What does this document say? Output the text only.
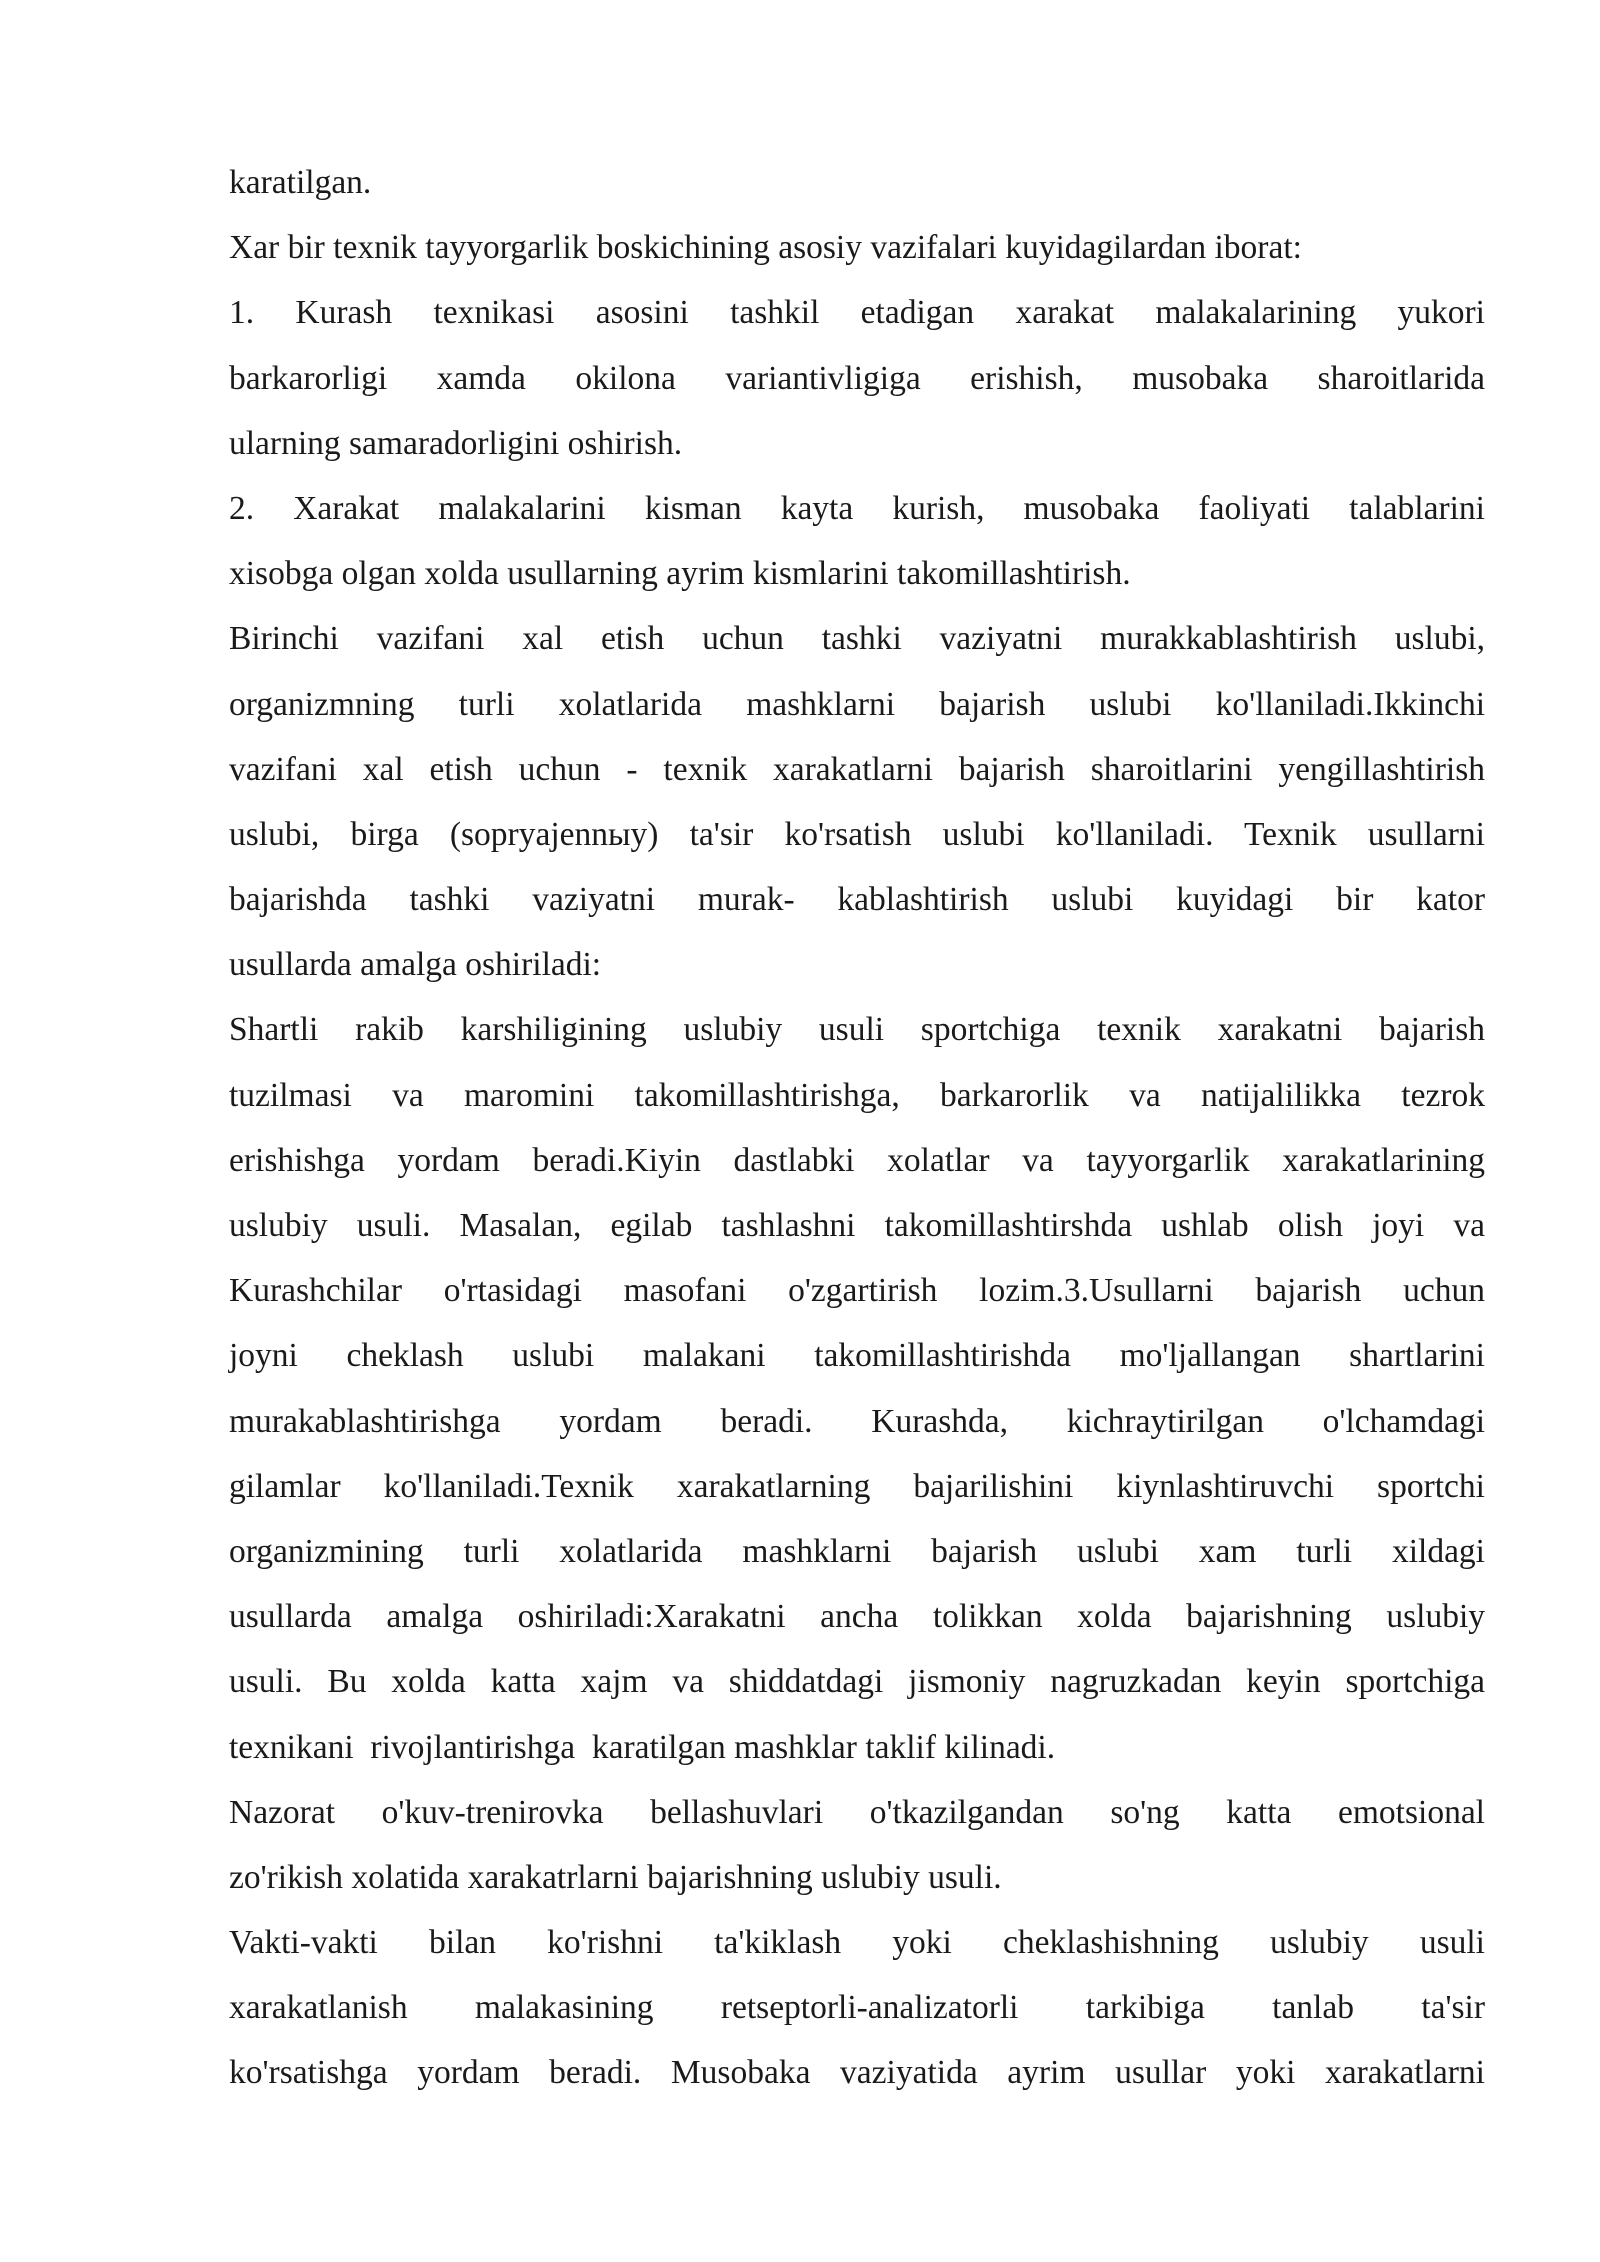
karatilgan.
Xar bir texnik tayyorgarlik boskichining asosiy vazifalari kuyidagilardan iborat:
1. Kurash texnikasi asosini tashkil etadigan xarakat malakalarining yukori
barkarorligi xamda okilona variantivligiga erishish, musobaka sharoitlarida
ularning samaradorligini oshirish.
2. Xarakat malakalarini kisman kayta kurish, musobaka faoliyati talablarini
xisobga olgan xolda usullarning ayrim kismlarini takomillashtirish.
Birinchi vazifani xal etish uchun tashki vaziyatni murakkablashtirish uslubi,
organizmning turli xolatlarida mashklarni bajarish uslubi ko'llaniladi.Ikkinchi
vazifani xal etish uchun - texnik xarakatlarni bajarish sharoitlarini yengillashtirish
uslubi, birga (sopryajennыy) ta'sir ko'rsatish uslubi ko'llaniladi. Texnik usullarni
bajarishda tashki vaziyatni murak- kablashtirish uslubi kuyidagi bir kator
usullarda amalga oshiriladi:
Shartli rakib karshiligining uslubiy usuli sportchiga texnik xarakatni bajarish
tuzilmasi va maromini takomillashtirishga, barkarorlik va natijalilikka tezrok
erishishga yordam beradi.Kiyin dastlabki xolatlar va tayyorgarlik xarakatlarining
uslubiy usuli. Masalan, egilab tashlashni takomillashtirshda ushlab olish joyi va
Kurashchilar o'rtasidagi masofani o'zgartirish lozim.3.Usullarni bajarish uchun
joyni cheklash uslubi malakani takomillashtirishda mo'ljallangan shartlarini
murakablashtirishga yordam beradi. Kurashda, kichraytirilgan o'lchamdagi
gilamlar ko'llaniladi.Texnik xarakatlarning bajarilishini kiynlashtiruvchi sportchi
organizmining turli xolatlarida mashklarni bajarish uslubi xam turli xildagi
usullarda amalga oshiriladi:Xarakatni ancha tolikkan xolda bajarishning uslubiy
usuli. Bu xolda katta xajm va shiddatdagi jismoniy nagruzkadan keyin sportchiga
texnikani  rivojlantirishga  karatilgan mashklar taklif kilinadi.
Nazorat o'kuv-trenirovka bellashuvlari o'tkazilgandan so'ng katta emotsional
zo'rikish xolatida xarakatrlarni bajarishning uslubiy usuli.
Vakti-vakti bilan ko'rishni ta'kiklash yoki cheklashishning uslubiy usuli
xarakatlanish malakasining retseptorli-analizatorli tarkibiga tanlab ta'sir
ko'rsatishga yordam beradi. Musobaka vaziyatida ayrim usullar yoki xarakatlarni
